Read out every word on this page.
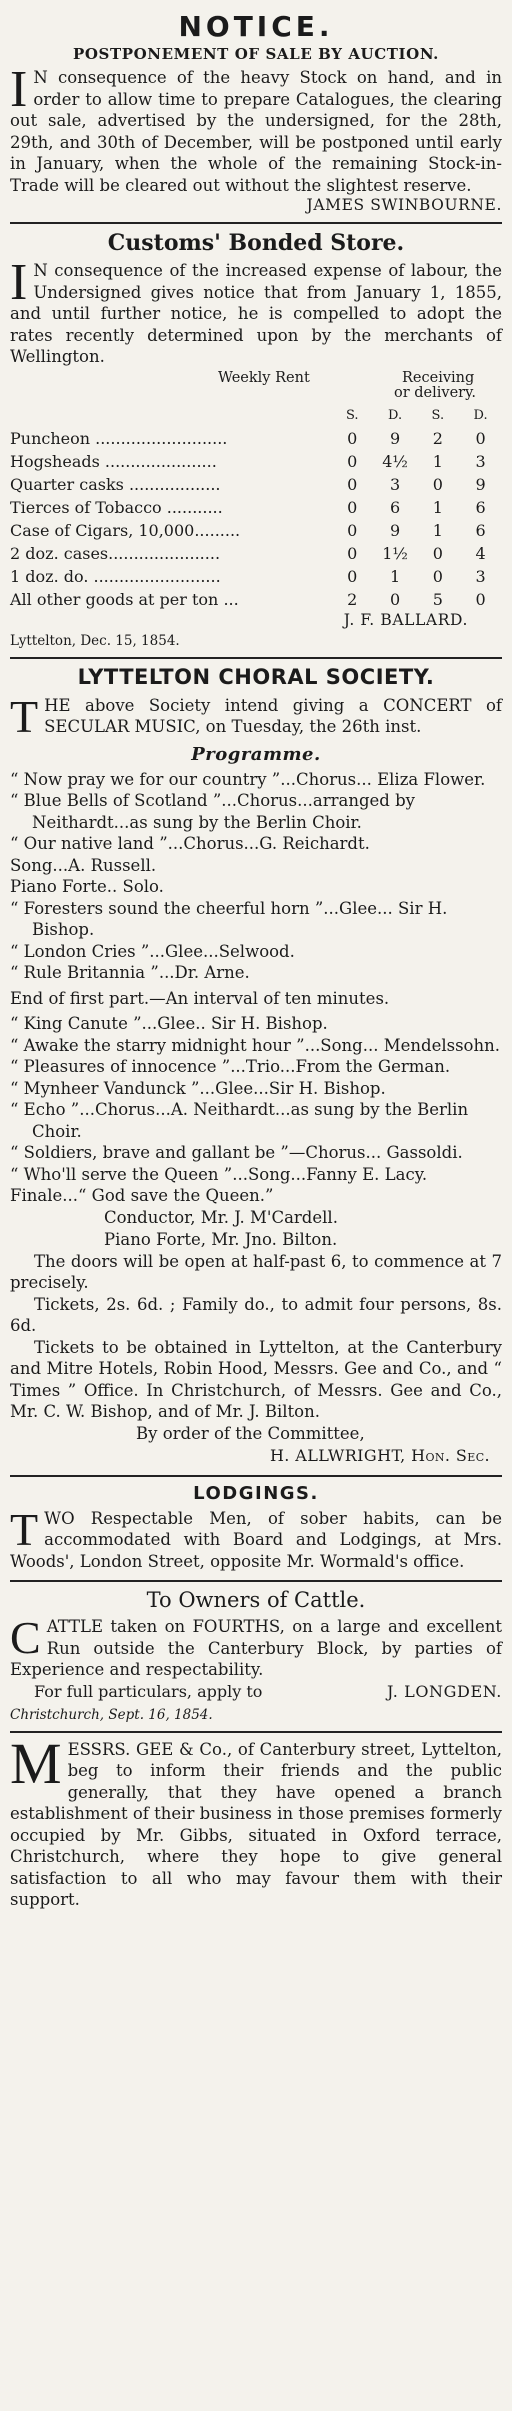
NOTICE.
POSTPONEMENT OF SALE BY AUCTION.
I N consequence of the heavy Stock on hand, and in order to allow time to prepare Catalogues, the clearing out sale, advertised by the undersigned, for the 28th, 29th, and 30th of December, will be postponed until early in January, when the whole of the remaining Stock-in-Trade will be cleared out without the slightest reserve.
JAMES SWINBOURNE.
Customs' Bonded Store.
I N consequence of the increased expense of labour, the Undersigned gives notice that from January 1, 1855, and until further notice, he is compelled to adopt the rates recently determined upon by the merchants of Wellington.
Weekly Rent	Receiving
or delivery.
	S.	D.	S.	D.
Puncheon ..........................	0	9	2	0
Hogsheads ......................	0	4½	1	3
Quarter casks ..................	0	3	0	9
Tierces of Tobacco ...........	0	6	1	6
Case of Cigars, 10,000.........	0	9	1	6
2 doz. cases......................	0	1½	0	4
1 doz. do. .........................	0	1	0	3
All other goods at per ton ...	2	0	5	0
J. F. BALLARD.
Lyttelton, Dec. 15, 1854.
LYTTELTON CHORAL SOCIETY.
THE above Society intend giving a CONCERT of SECULAR MUSIC, on Tuesday, the 26th inst.
Programme.
“ Now pray we for our country ”...Chorus... Eliza Flower.
“ Blue Bells of Scotland ”...Chorus...arranged by Neithardt...as sung by the Berlin Choir.
“ Our native land ”...Chorus...G. Reichardt.
Song...A. Russell.
Piano Forte.. Solo.
“ Foresters sound the cheerful horn ”...Glee... Sir H. Bishop.
“ London Cries ”...Glee...Selwood.
“ Rule Britannia ”...Dr. Arne.
End of first part.—An interval of ten minutes.
“ King Canute ”...Glee.. Sir H. Bishop.
“ Awake the starry midnight hour ”...Song... Mendelssohn.
“ Pleasures of innocence ”...Trio...From the German.
“ Mynheer Vandunck ”...Glee...Sir H. Bishop.
“ Echo ”...Chorus...A. Neithardt...as sung by the Berlin Choir.
“ Soldiers, brave and gallant be ”—Chorus... Gassoldi.
“ Who'll serve the Queen ”...Song...Fanny E. Lacy.
Finale...“ God save the Queen.”
Conductor, Mr. J. M'Cardell.
Piano Forte, Mr. Jno. Bilton.
The doors will be open at half-past 6, to commence at 7 precisely.
Tickets, 2s. 6d. ; Family do., to admit four persons, 8s. 6d.
Tickets to be obtained in Lyttelton, at the Canterbury and Mitre Hotels, Robin Hood, Messrs. Gee and Co., and “ Times ” Office. In Christchurch, of Messrs. Gee and Co., Mr. C. W. Bishop, and of Mr. J. Bilton.
By order of the Committee,
H. ALLWRIGHT, Hon. Sec.
LODGINGS.
TWO Respectable Men, of sober habits, can be accommodated with Board and Lodgings, at Mrs. Woods', London Street, opposite Mr. Wormald's office.
To Owners of Cattle.
CATTLE taken on FOURTHS, on a large and excellent Run outside the Canterbury Block, by parties of Experience and respectability.
J. LONGDEN.
For full particulars, apply to
Christchurch, Sept. 16, 1854.
MESSRS. GEE & Co., of Canterbury street, Lyttelton, beg to inform their friends and the public generally, that they have opened a branch establishment of their business in those premises formerly occupied by Mr. Gibbs, situated in Oxford terrace, Christchurch, where they hope to give general satisfaction to all who may favour them with their support.
